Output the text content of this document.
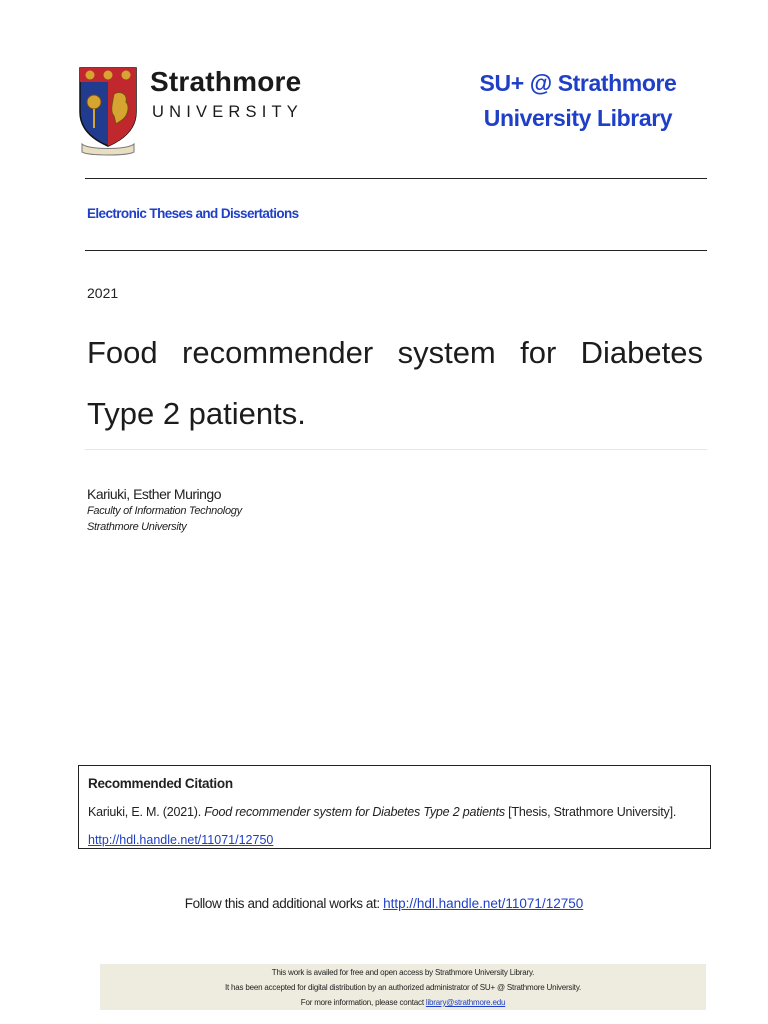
Strathmore
UNIVERSITY
SU+ @ Strathmore
University Library
Electronic Theses and Dissertations
2021
Food recommender system for Diabetes
Type 2 patients.
Kariuki, Esther Muringo
Faculty of Information Technology
Strathmore University
Recommended Citation
Kariuki, E. M. (2021). Food recommender system for Diabetes Type 2 patients [Thesis, Strathmore University].
http://hdl.handle.net/11071/12750
Follow this and additional works at: http://hdl.handle.net/11071/12750
This work is availed for free and open access by Strathmore University Library.
It has been accepted for digital distribution by an authorized administrator of SU+ @ Strathmore University.
For more information, please contact library@strathmore.edu
